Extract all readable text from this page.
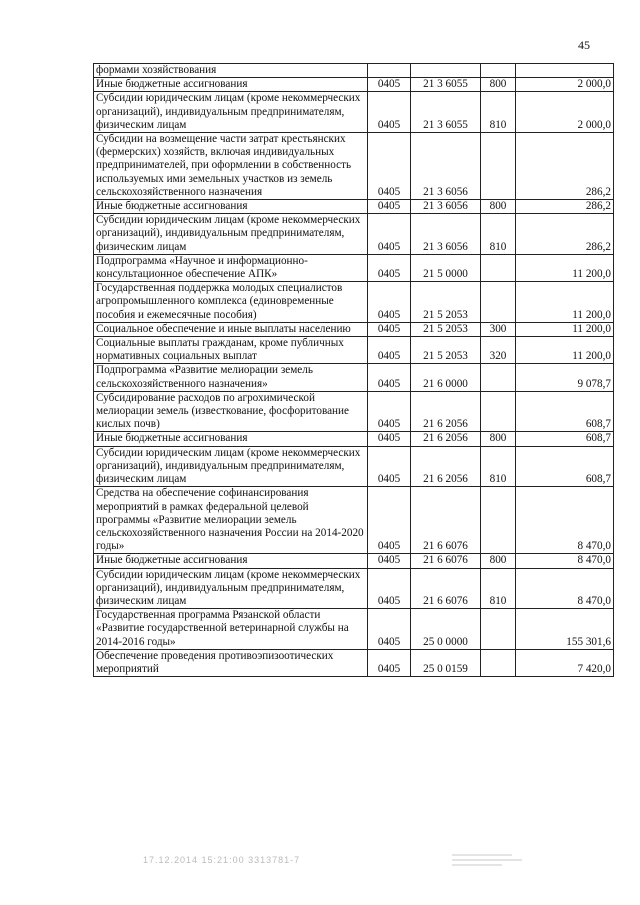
45
формами хозяйствования				
Иные бюджетные ассигнования	0405	21 3 6055	800	2 000,0
Субсидии юридическим лицам (кроме некоммерческих организаций), индивидуальным предпринимателям, физическим лицам	0405	21 3 6055	810	2 000,0
Субсидии на возмещение части затрат крестьянских (фермерских) хозяйств, включая индивидуальных предпринимателей, при оформлении в собственность используемых ими земельных участков из земель сельскохозяйственного назначения	0405	21 3 6056		286,2
Иные бюджетные ассигнования	0405	21 3 6056	800	286,2
Субсидии юридическим лицам (кроме некоммерческих организаций), индивидуальным предпринимателям, физическим лицам	0405	21 3 6056	810	286,2
Подпрограмма «Научное и информационно-консультационное обеспечение АПК»	0405	21 5 0000		11 200,0
Государственная поддержка молодых специалистов агропромышленного комплекса (единовременные пособия и ежемесячные пособия)	0405	21 5 2053		11 200,0
Социальное обеспечение и иные выплаты населению	0405	21 5 2053	300	11 200,0
Социальные выплаты гражданам, кроме публичных нормативных социальных выплат	0405	21 5 2053	320	11 200,0
Подпрограмма «Развитие мелиорации земель сельскохозяйственного назначения»	0405	21 6 0000		9 078,7
Субсидирование расходов по агрохимической мелиорации земель (известкование, фосфоритование кислых почв)	0405	21 6 2056		608,7
Иные бюджетные ассигнования	0405	21 6 2056	800	608,7
Субсидии юридическим лицам (кроме некоммерческих организаций), индивидуальным предпринимателям, физическим лицам	0405	21 6 2056	810	608,7
Средства на обеспечение софинансирования мероприятий в рамках федеральной целевой программы «Развитие мелиорации земель сельскохозяйственного назначения России на 2014-2020 годы»	0405	21 6 6076		8 470,0
Иные бюджетные ассигнования	0405	21 6 6076	800	8 470,0
Субсидии юридическим лицам (кроме некоммерческих организаций), индивидуальным предпринимателям, физическим лицам	0405	21 6 6076	810	8 470,0
Государственная программа Рязанской области «Развитие государственной ветеринарной службы на 2014-2016 годы»	0405	25 0 0000		155 301,6
Обеспечение проведения противоэпизоотических мероприятий	0405	25 0 0159		7 420,0
17.12.2014 15:21:00 3313781-7
